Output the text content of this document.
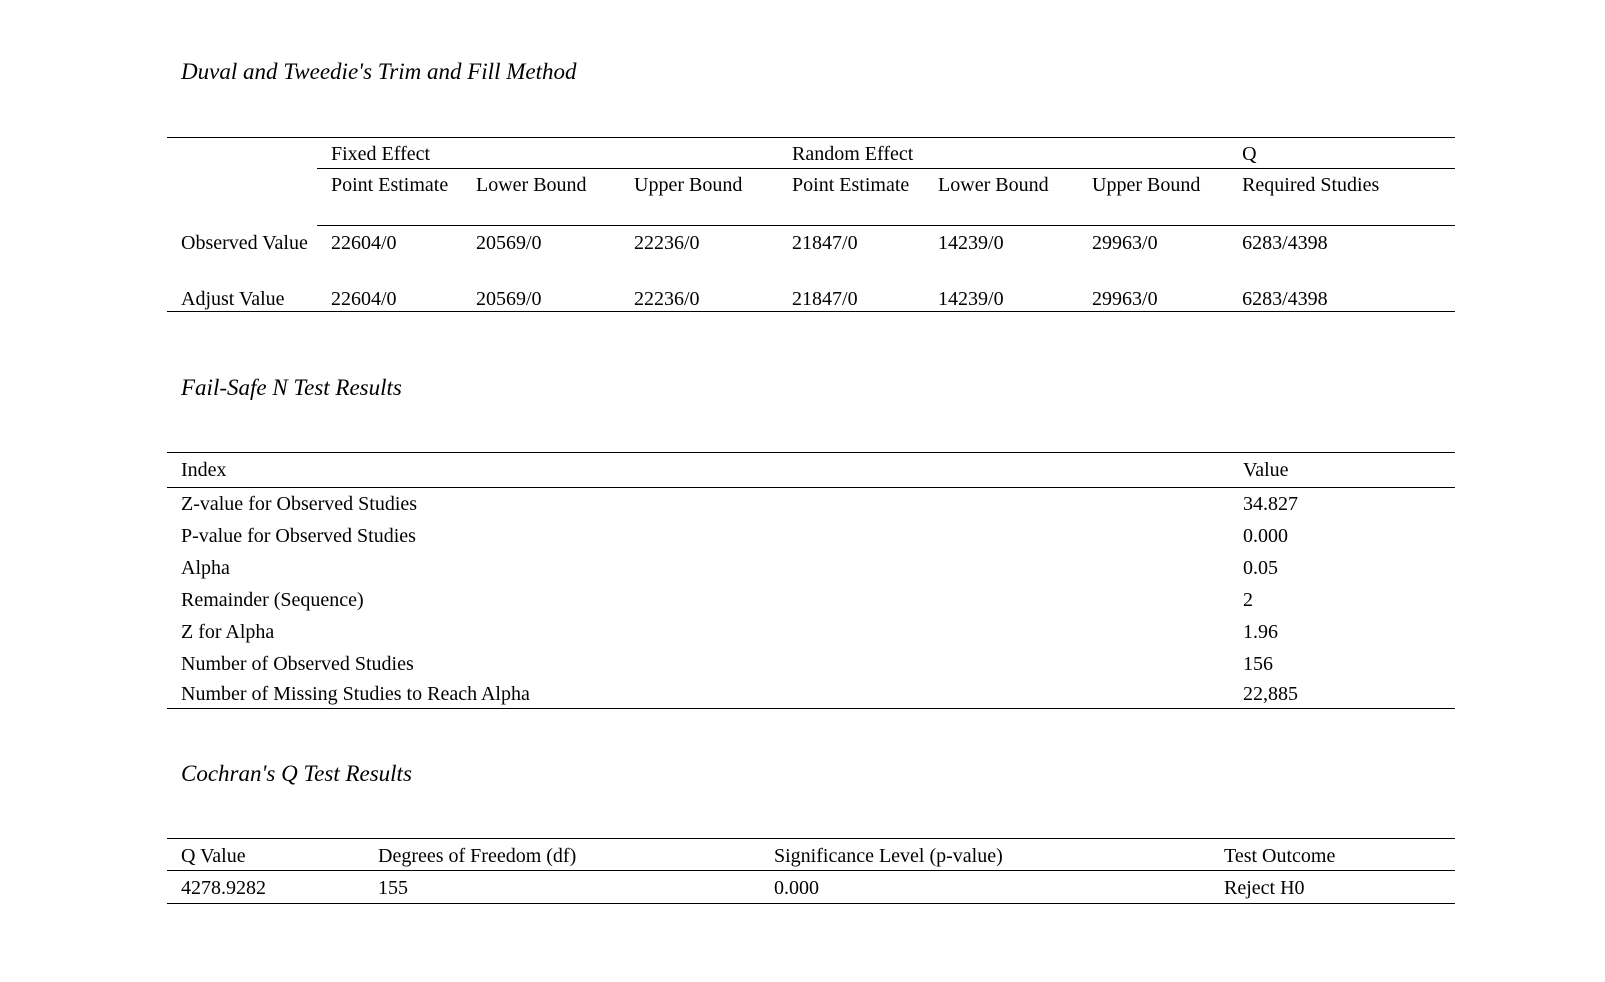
Duval and Tweedie's Trim and Fill Method
	Fixed Effect			Random Effect			Q
	Point Estimate	Lower Bound	Upper Bound	Point Estimate	Lower Bound	Upper Bound	Required Studies
Observed Value	22604/0	20569/0	22236/0	21847/0	14239/0	29963/0	6283/4398
Adjust Value	22604/0	20569/0	22236/0	21847/0	14239/0	29963/0	6283/4398
Fail-Safe N Test Results
Index	Value
Z-value for Observed Studies	34.827
P-value for Observed Studies	0.000
Alpha	0.05
Remainder (Sequence)	2
Z for Alpha	1.96
Number of Observed Studies	156
Number of Missing Studies to Reach Alpha	22,885
Cochran's Q Test Results
Q Value	Degrees of Freedom (df)	Significance Level (p-value)	Test Outcome
4278.9282	155	0.000	Reject H0
